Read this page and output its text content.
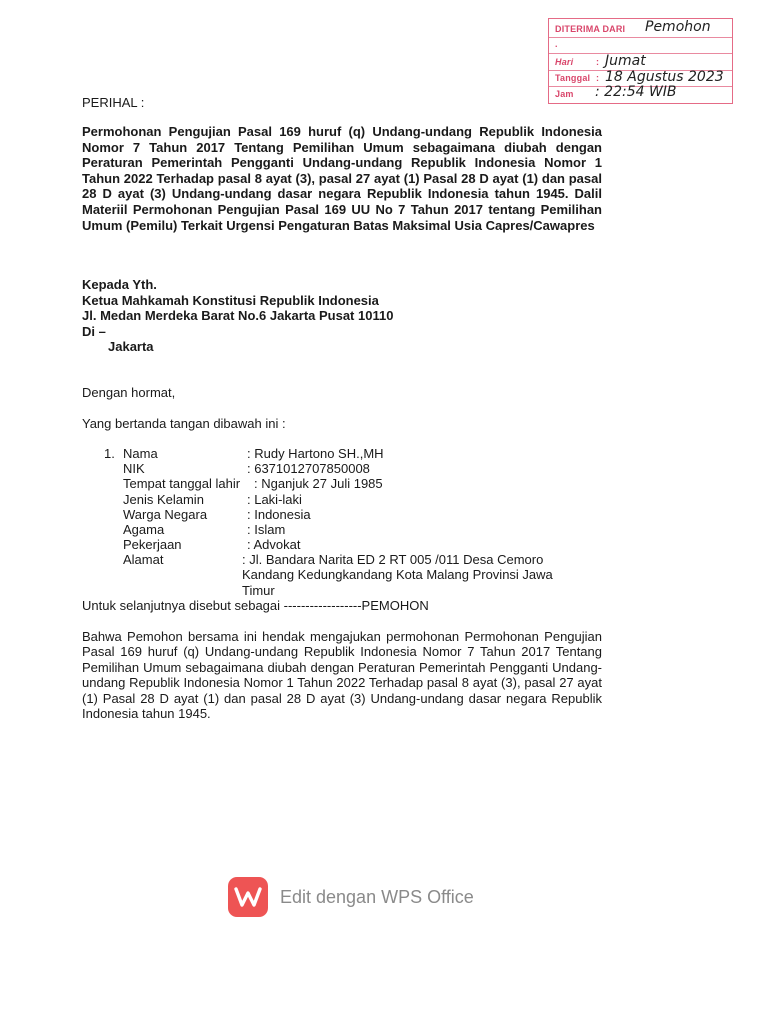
DITERIMA DARI Pemohon
.
Hari	: Jumat
Tanggal : 18 Agustus 2023
Jam : 22:54 WIB
PERIHAL :

Permohonan Pengujian Pasal 169 huruf (q) Undang-undang Republik Indonesia Nomor 7 Tahun 2017 Tentang Pemilihan Umum sebagaimana diubah dengan Peraturan Pemerintah Pengganti Undang-undang Republik Indonesia Nomor 1 Tahun 2022 Terhadap pasal 8 ayat (3), pasal 27 ayat (1) Pasal 28 D ayat (1) dan pasal 28 D ayat (3) Undang-undang dasar negara Republik Indonesia tahun 1945. Dalil Materiil Permohonan Pengujian Pasal 169 UU No 7 Tahun 2017 tentang Pemilihan Umum (Pemilu) Terkait Urgensi Pengaturan Batas Maksimal Usia Capres/Cawapres

Kepada Yth.
Ketua Mahkamah Konstitusi Republik Indonesia
Jl. Medan Merdeka Barat No.6 Jakarta Pusat 10110
Di –
Jakarta

Dengan hormat,

Yang bertanda tangan dibawah ini :

1. Nama	: Rudy Hartono SH.,MH
NIK	: 6371012707850008
Tempat tanggal lahir : Nganjuk 27 Juli 1985
Jenis Kelamin	: Laki-laki
Warga Negara	: Indonesia
Agama	: Islam
Pekerjaan	: Advokat
Alamat	: Jl. Bandara Narita ED 2 RT 005 /011 Desa Cemoro Kandang Kedungkandang Kota Malang Provinsi Jawa Timur

Untuk selanjutnya disebut sebagai ------------------PEMOHON

Bahwa Pemohon bersama ini hendak mengajukan permohonan Permohonan Pengujian Pasal 169 huruf (q) Undang-undang Republik Indonesia Nomor 7 Tahun 2017 Tentang Pemilihan Umum sebagaimana diubah dengan Peraturan Pemerintah Pengganti Undang-undang Republik Indonesia Nomor 1 Tahun 2022 Terhadap pasal 8 ayat (3), pasal 27 ayat (1) Pasal 28 D ayat (1) dan pasal 28 D ayat (3) Undang-undang dasar negara Republik Indonesia tahun 1945.

Edit dengan WPS Office
